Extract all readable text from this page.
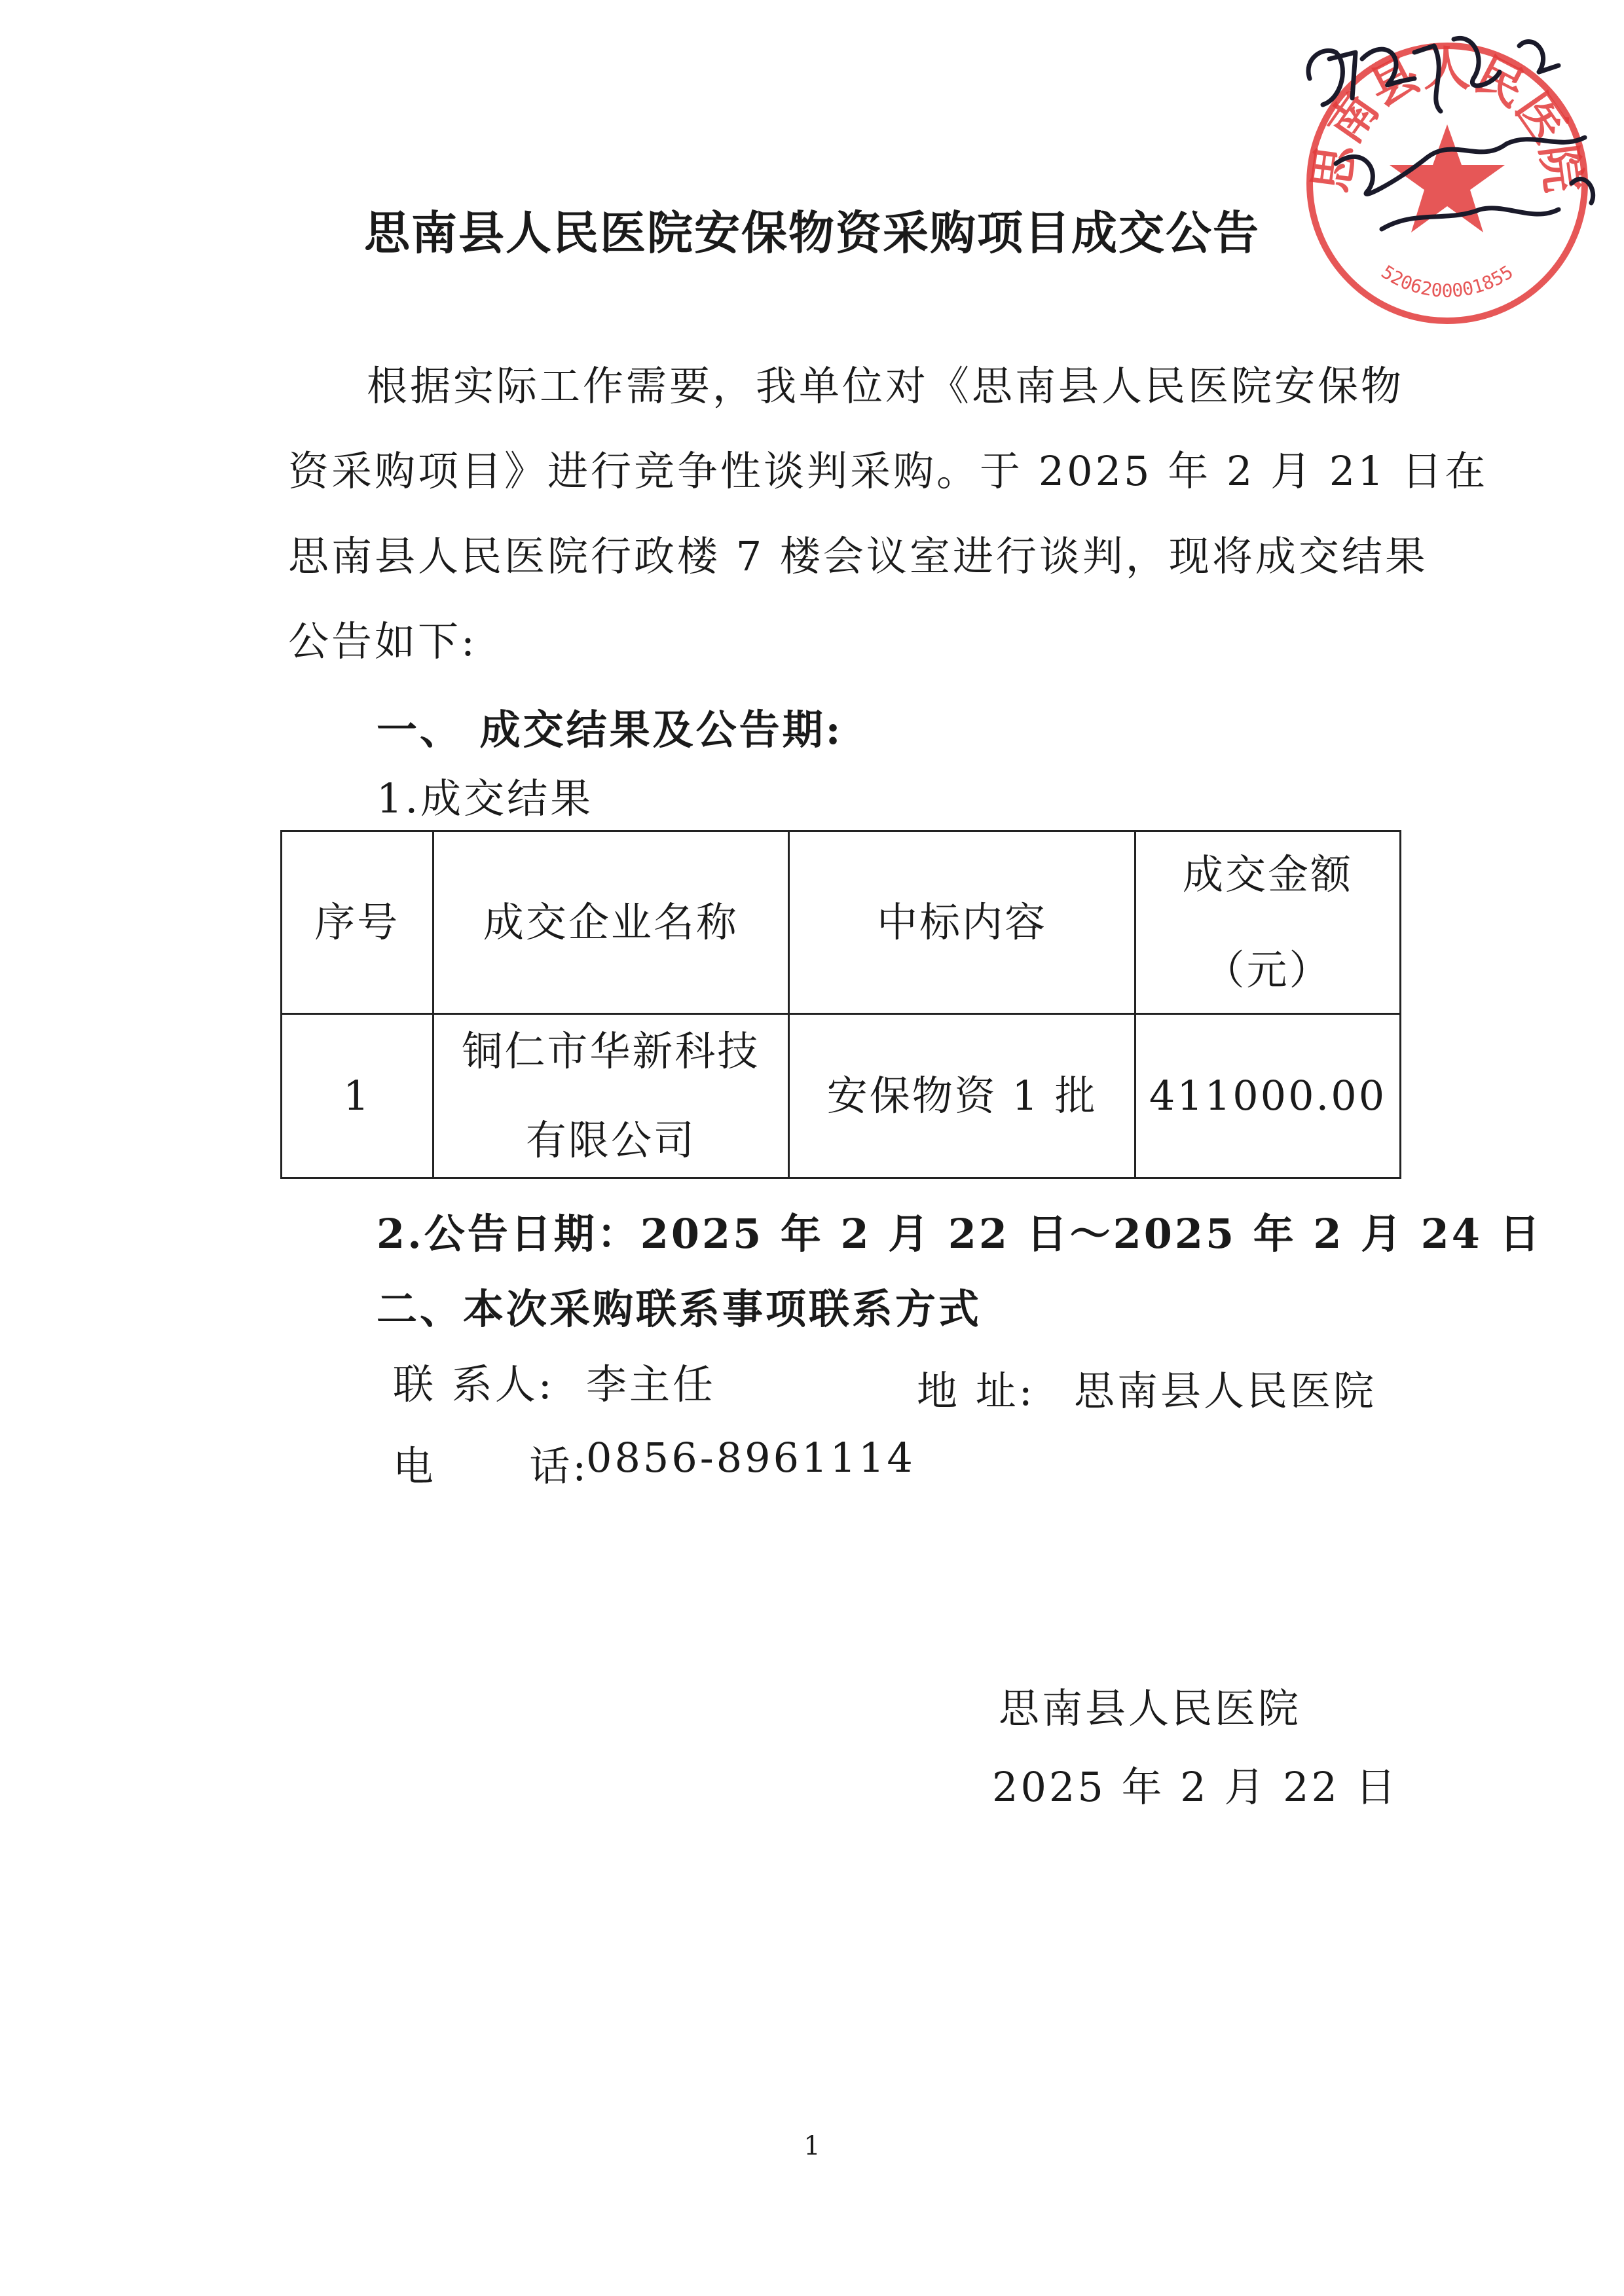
思南县人民医院安保物资采购项目成交公告
根据实际工作需要，我单位对《思南县人民医院安保物
资采购项目》进行竞争性谈判采购。于 2025 年 2 月 21 日在
思南县人民医院行政楼 7 楼会议室进行谈判，现将成交结果
公告如下:
一、 成交结果及公告期:
1.成交结果
序号	成交企业名称	中标内容	成交金额
（元）

1	铜仁市华新科技
有限公司	安保物资 1 批	411000.00
2.公告日期：2025 年 2 月 22 日～2025 年 2 月 24 日
二、本次采购联系事项联系方式
联 系人: 李主任	地 址: 思南县人民医院
电      话:
0856-8961114
思南县人民医院
2025 年 2 月 22 日
思南县人民医院
5206200001855
1
